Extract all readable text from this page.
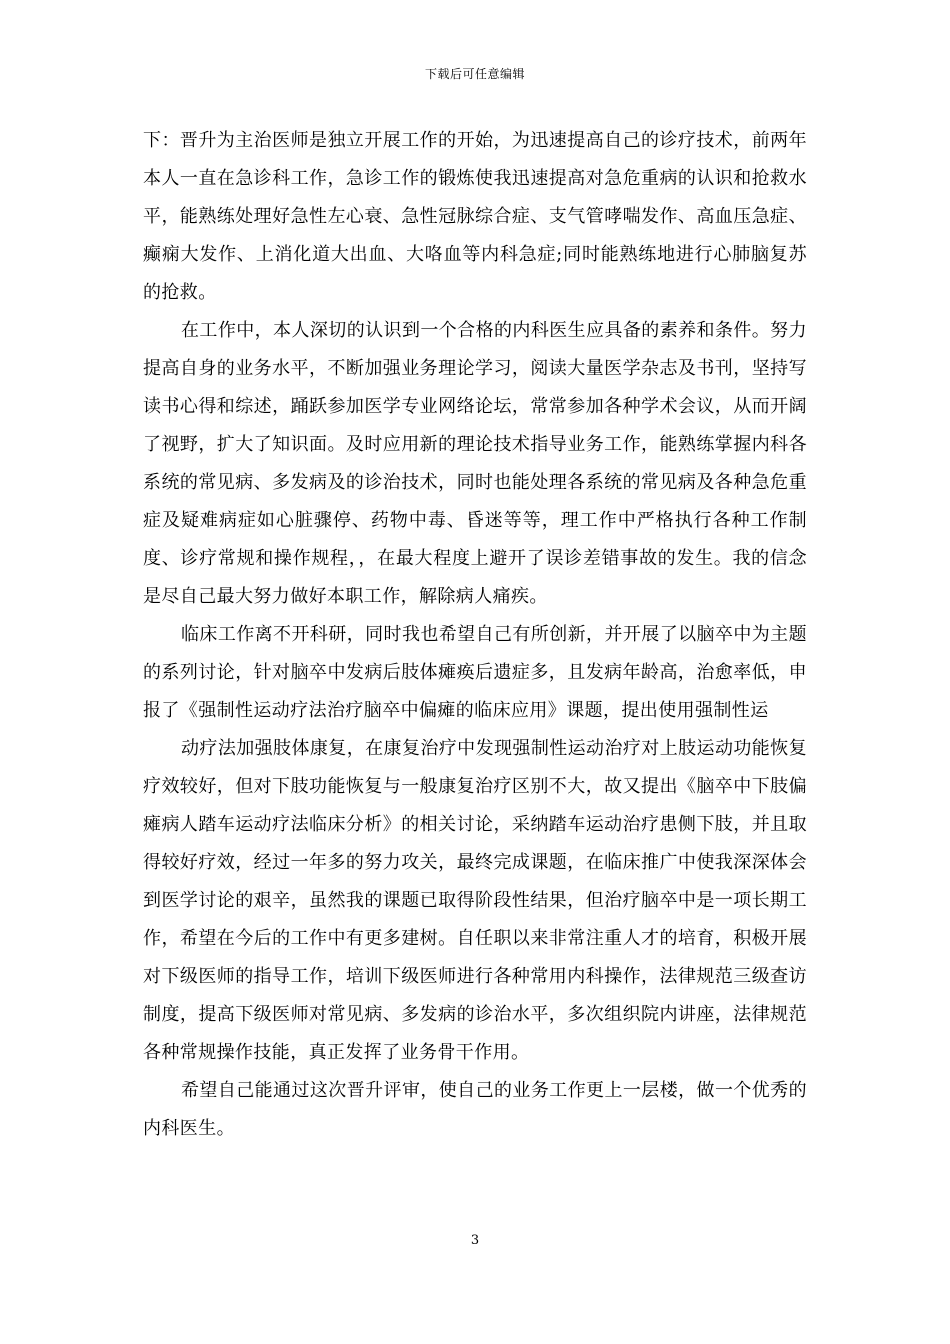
下载后可任意编辑

下：晋升为主治医师是独立开展工作的开始，为迅速提高自己的诊疗技术，前两年本人一直在急诊科工作，急诊工作的锻炼使我迅速提高对急危重病的认识和抢救水平，能熟练处理好急性左心衰、急性冠脉综合症、支气管哮喘发作、高血压急症、癫痫大发作、上消化道大出血、大咯血等内科急症;同时能熟练地进行心肺脑复苏的抢救。

在工作中，本人深切的认识到一个合格的内科医生应具备的素养和条件。努力提高自身的业务水平，不断加强业务理论学习，阅读大量医学杂志及书刊，坚持写读书心得和综述，踊跃参加医学专业网络论坛，常常参加各种学术会议，从而开阔了视野，扩大了知识面。及时应用新的理论技术指导业务工作，能熟练掌握内科各系统的常见病、多发病及的诊治技术，同时也能处理各系统的常见病及各种急危重症及疑难病症如心脏骤停、药物中毒、昏迷等等，理工作中严格执行各种工作制度、诊疗常规和操作规程，，在最大程度上避开了误诊差错事故的发生。我的信念是尽自己最大努力做好本职工作，解除病人痛疾。

临床工作离不开科研，同时我也希望自己有所创新，并开展了以脑卒中为主题的系列讨论，针对脑卒中发病后肢体瘫痪后遗症多，且发病年龄高，治愈率低，申报了《强制性运动疗法治疗脑卒中偏瘫的临床应用》课题，提出使用强制性运

动疗法加强肢体康复，在康复治疗中发现强制性运动治疗对上肢运动功能恢复疗效较好，但对下肢功能恢复与一般康复治疗区别不大，故又提出《脑卒中下肢偏瘫病人踏车运动疗法临床分析》的相关讨论，采纳踏车运动治疗患侧下肢，并且取得较好疗效，经过一年多的努力攻关，最终完成课题，在临床推广中使我深深体会到医学讨论的艰辛，虽然我的课题已取得阶段性结果，但治疗脑卒中是一项长期工作，希望在今后的工作中有更多建树。自任职以来非常注重人才的培育，积极开展对下级医师的指导工作，培训下级医师进行各种常用内科操作，法律规范三级查访制度，提高下级医师对常见病、多发病的诊治水平，多次组织院内讲座，法律规范各种常规操作技能，真正发挥了业务骨干作用。

希望自己能通过这次晋升评审，使自己的业务工作更上一层楼，做一个优秀的内科医生。

3
